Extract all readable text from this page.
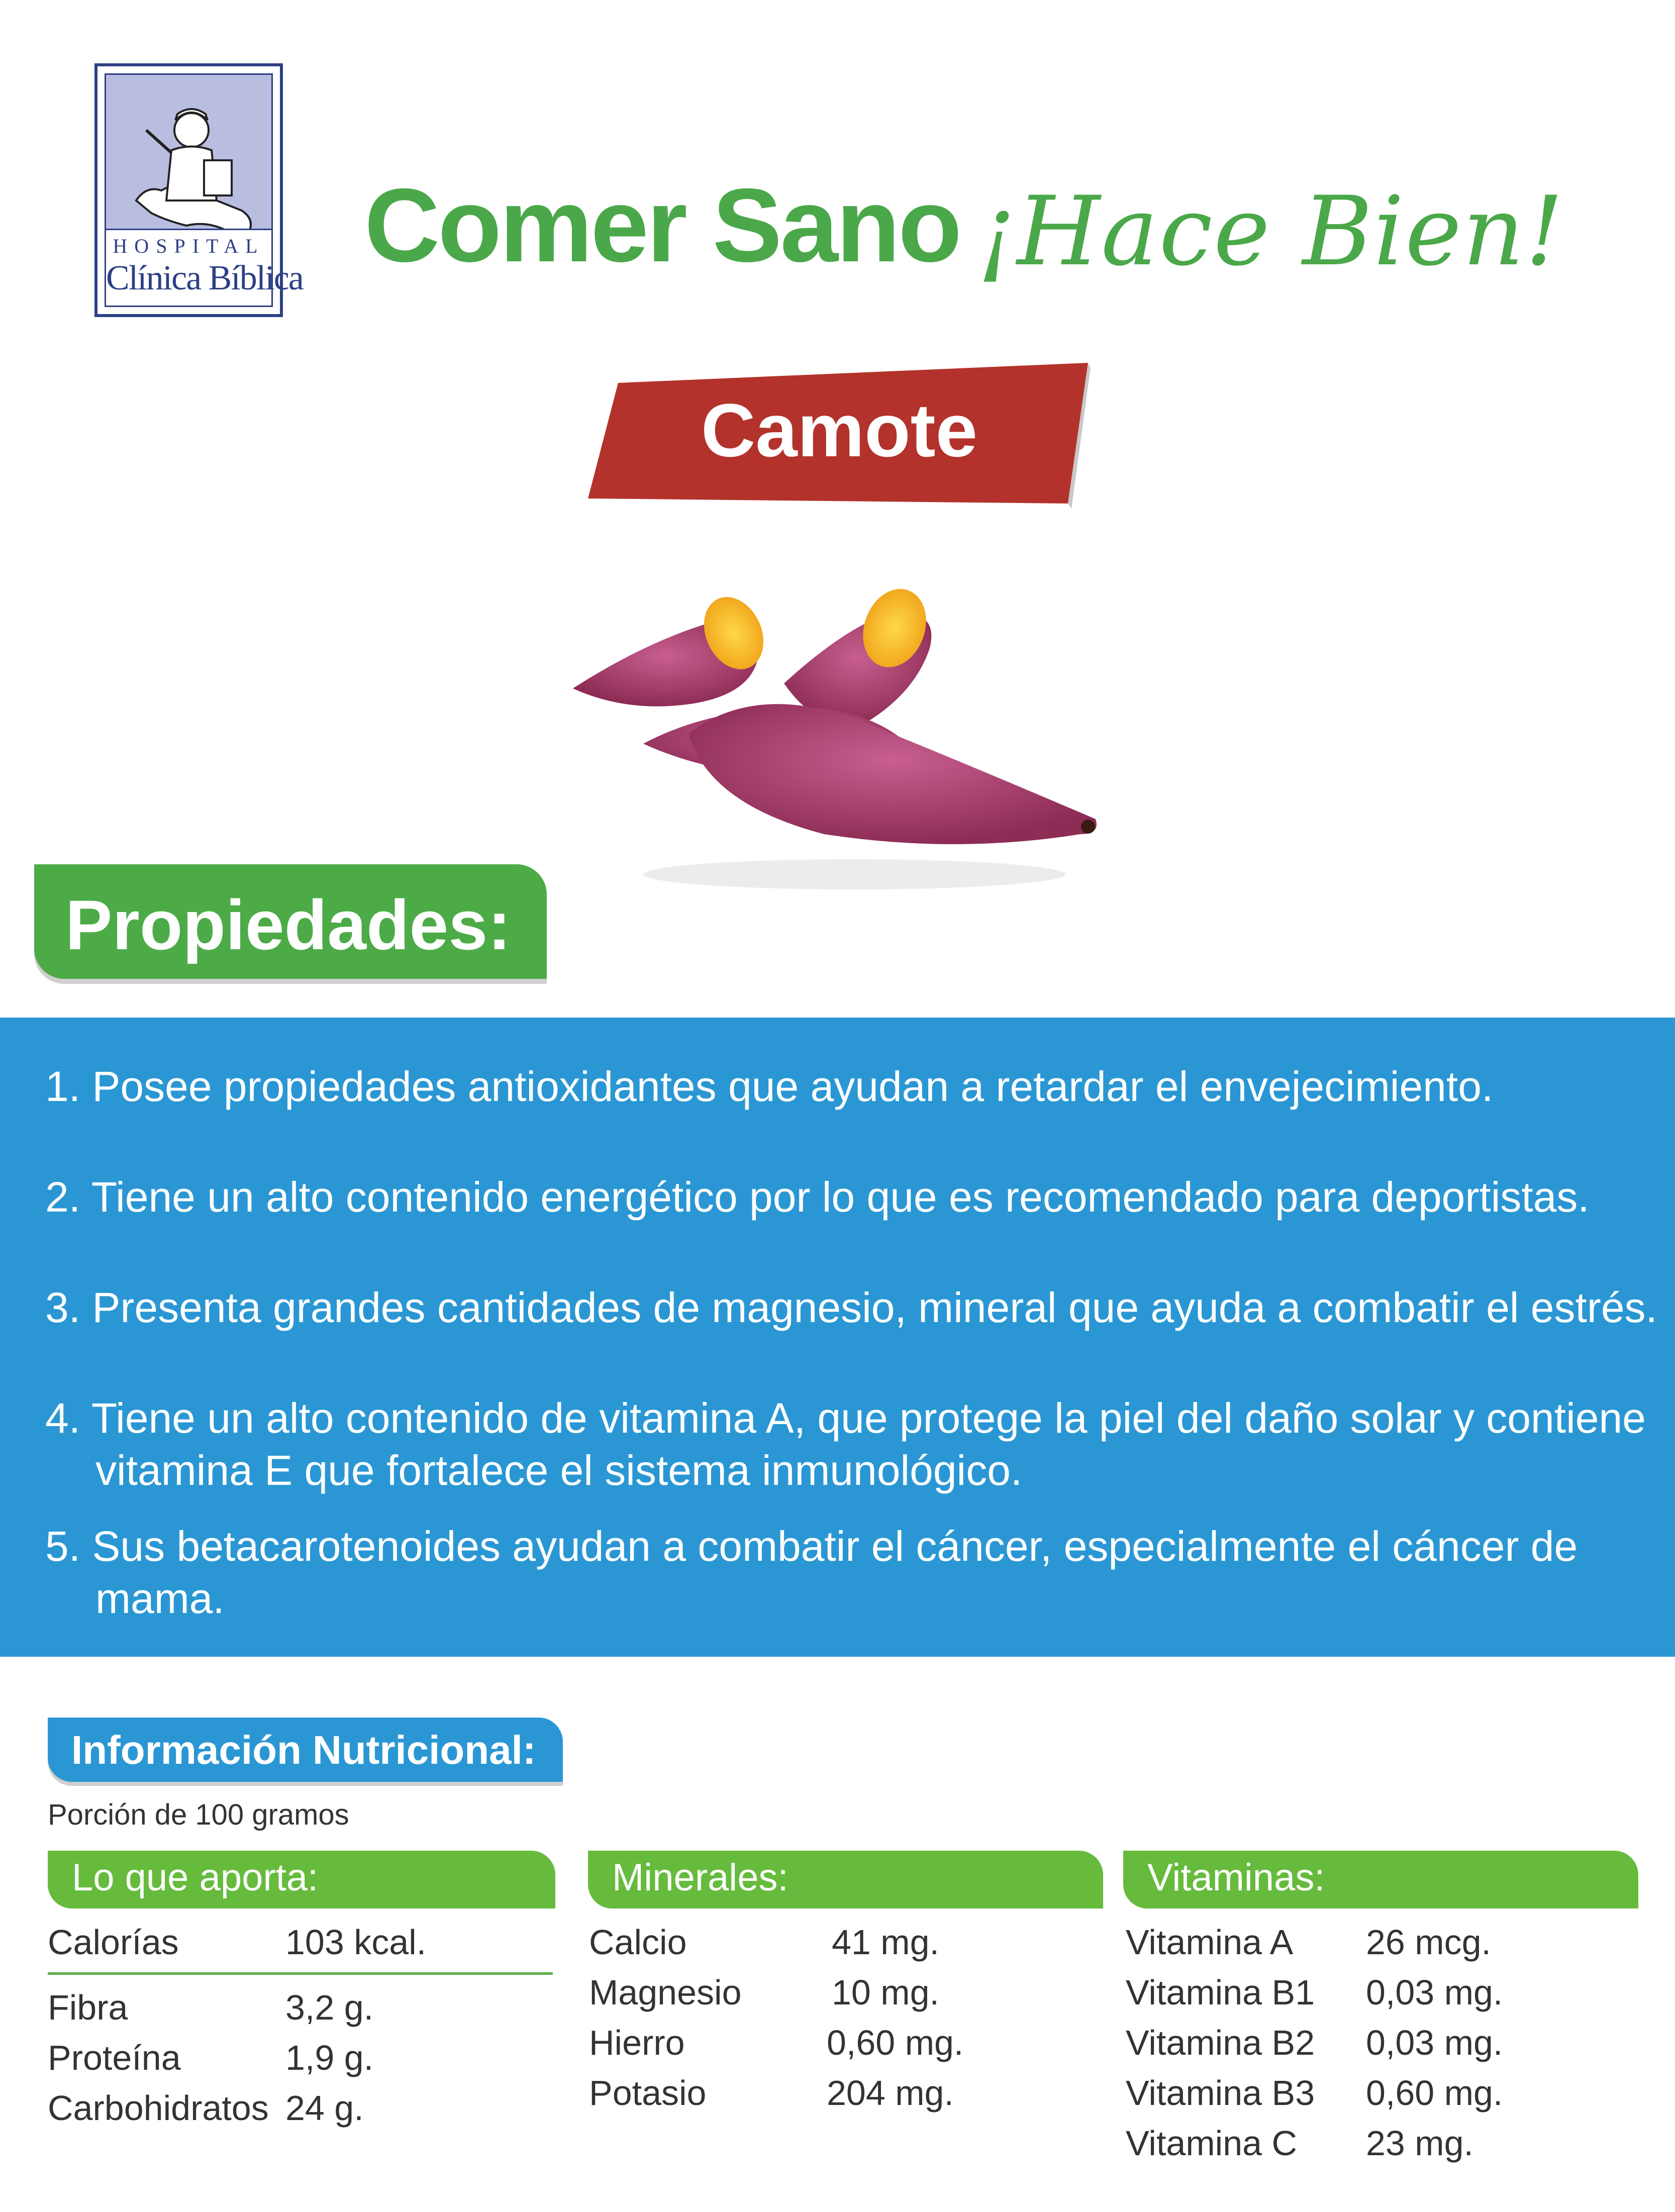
HOSPITAL
Clínica Bíblica Comer Sano ¡Hace Bien!
Camote
Propiedades:
1. Posee propiedades antioxidantes que ayudan a retardar el envejecimiento.
2. Tiene un alto contenido energético por lo que es recomendado para deportistas.
3. Presenta grandes cantidades de magnesio, mineral que ayuda a combatir el estrés.
4. Tiene un alto contenido de vitamina A, que protege la piel del daño solar y contiene
vitamina E que fortalece el sistema inmunológico.
5. Sus betacarotenoides ayudan a combatir el cáncer, especialmente el cáncer de
mama.
Información Nutricional:
Porción de 100 gramos
Lo que aporta:
Calorías	103 kcal.
Fibra	3,2 g.
Proteína	1,9 g.
Carbohidratos 24 g.
Minerales:
Calcio	41 mg.
Magnesio	10 mg.
Hierro	0,60 mg.
Potasio	204 mg.
Vitaminas:
Vitamina A 26 mcg.
Vitamina B1 0,03 mg.
Vitamina B2 0,03 mg.
Vitamina B3 0,60 mg.
Vitamina C 23 mg.
